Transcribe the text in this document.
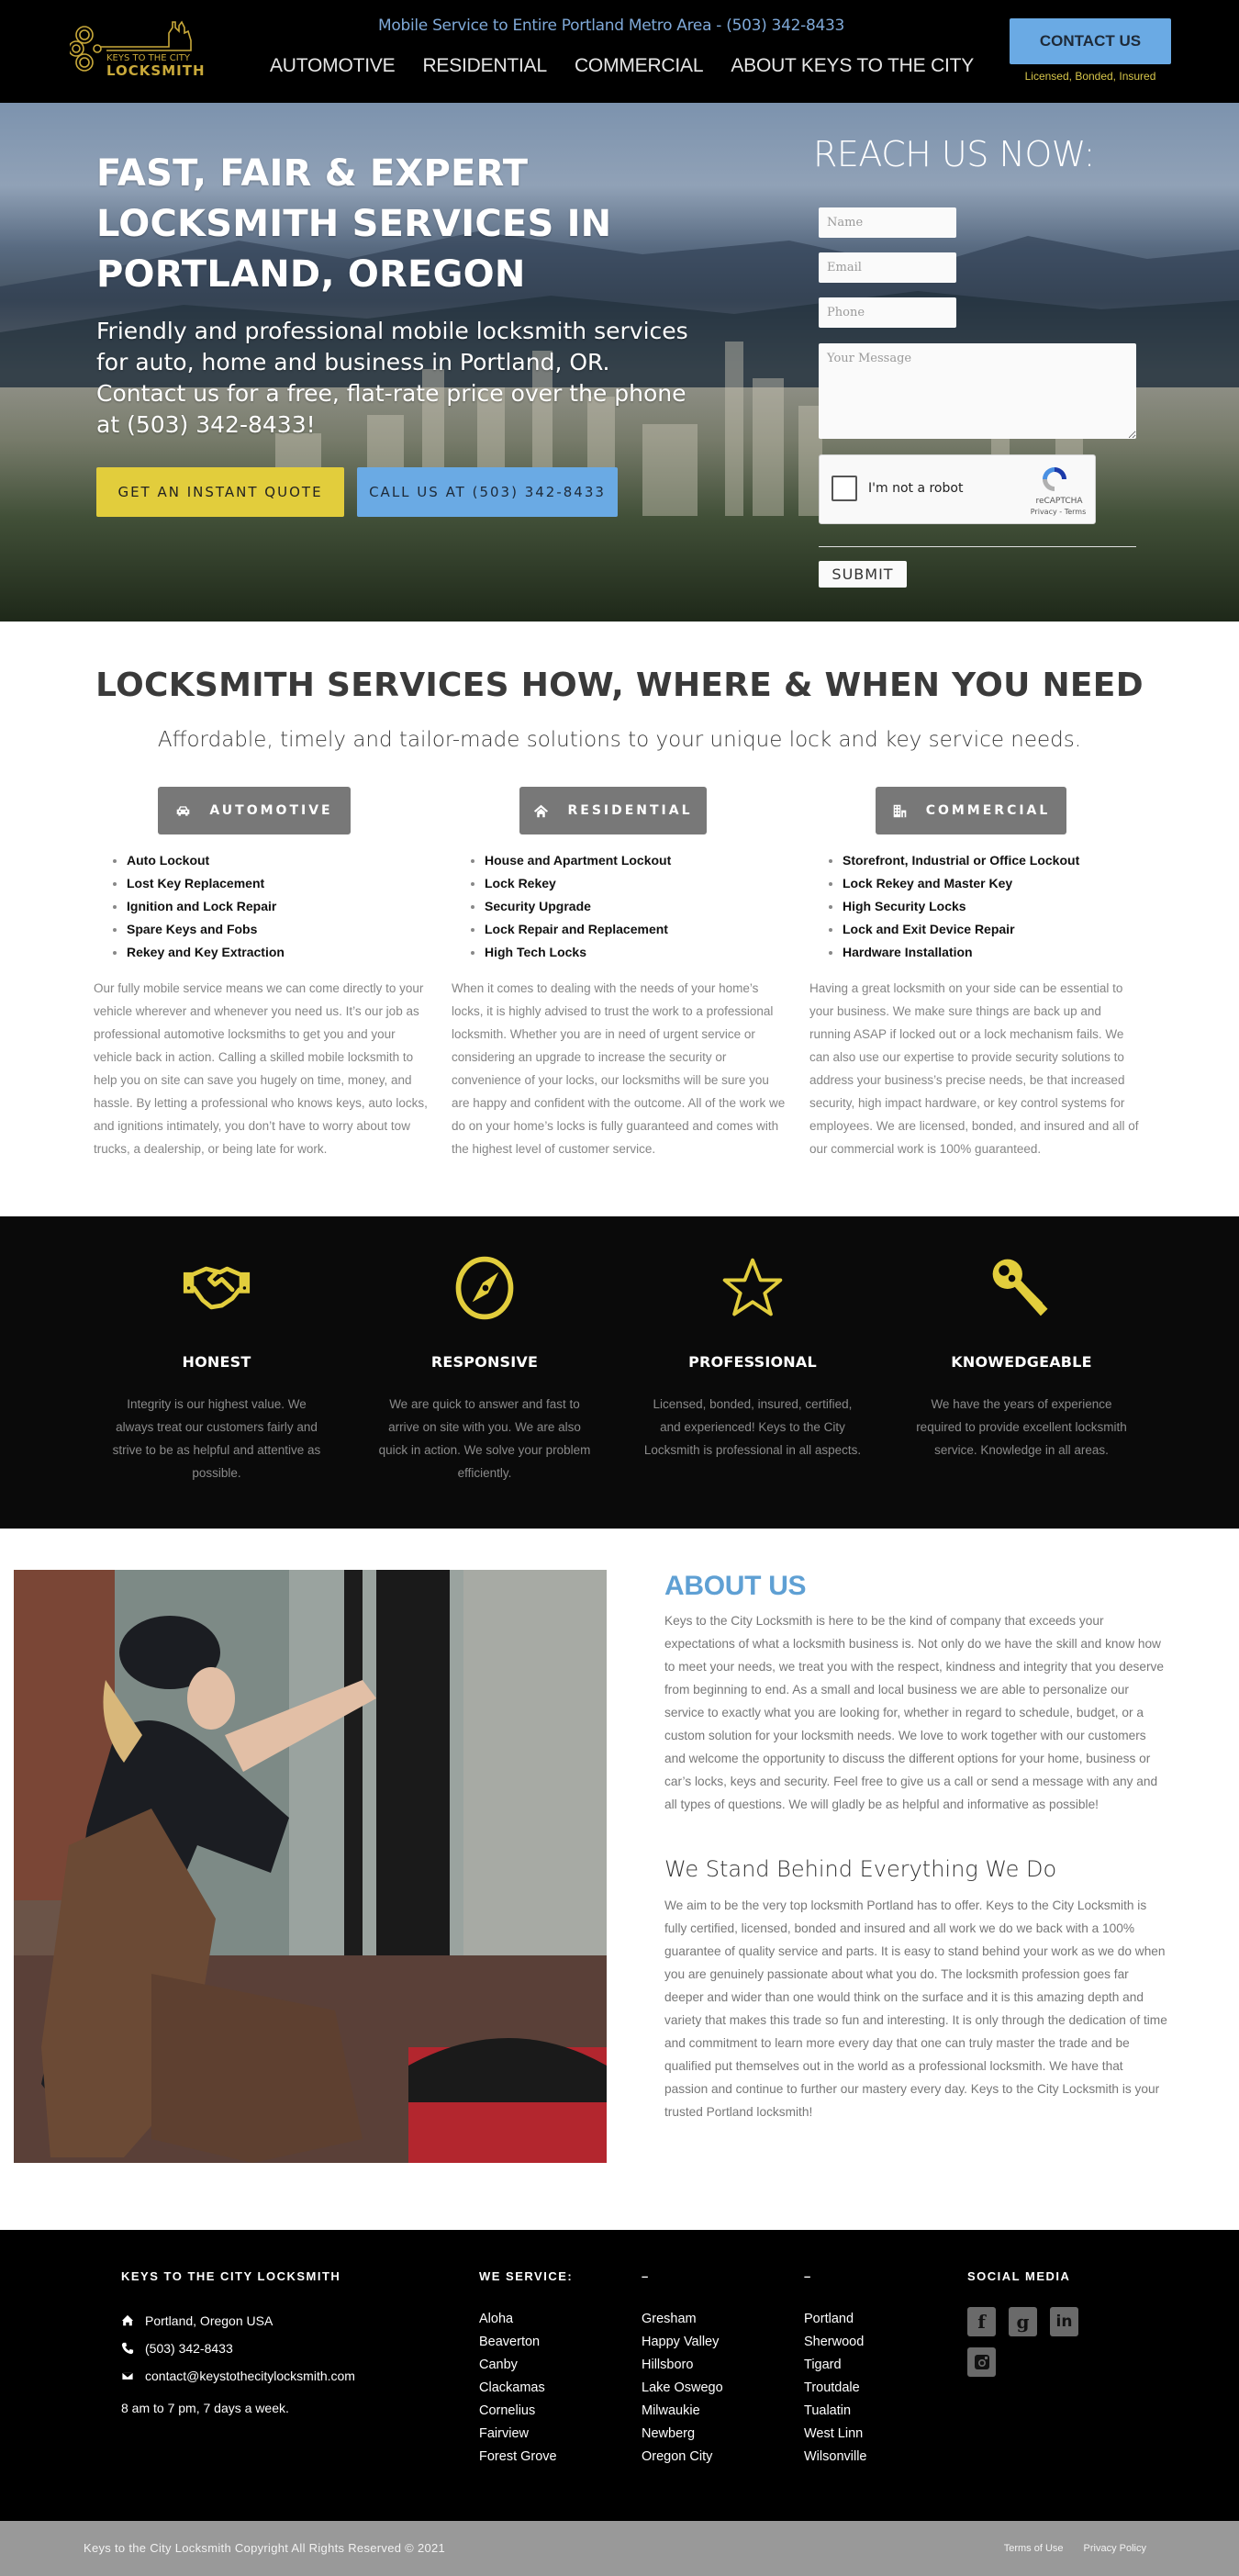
KEYS TO THE CITY
LOCKSMITH
Mobile Service to Entire Portland Metro Area - (503) 342-8433
AUTOMOTIVE RESIDENTIAL COMMERCIAL ABOUT KEYS TO THE CITY
CONTACT US
Licensed, Bonded, Insured
FAST, FAIR & EXPERT LOCKSMITH SERVICES IN PORTLAND, OREGON

Friendly and professional mobile locksmith services for auto, home and business in Portland, OR. Contact us for a free, flat-rate price over the phone at (503) 342-8433!

GET AN INSTANT QUOTE	CALL US AT (503) 342-8433
REACH US NOW:
Name
Email
Phone
Your Message
I'm not a robot
reCAPTCHA
Privacy - Terms
SUBMIT
LOCKSMITH SERVICES HOW, WHERE & WHEN YOU NEED

Affordable, timely and tailor-made solutions to your unique lock and key service needs.

AUTOMOTIVE
• Auto Lockout
• Lost Key Replacement
• Ignition and Lock Repair
• Spare Keys and Fobs
• Rekey and Key Extraction

Our fully mobile service means we can come directly to your vehicle wherever and whenever you need us. It’s our job as professional automotive locksmiths to get you and your vehicle back in action. Calling a skilled mobile locksmith to help you on site can save you hugely on time, money, and hassle. By letting a professional who knows keys, auto locks, and ignitions intimately, you don’t have to worry about tow trucks, a dealership, or being late for work.

RESIDENTIAL
• House and Apartment Lockout
• Lock Rekey
• Security Upgrade
• Lock Repair and Replacement
• High Tech Locks

When it comes to dealing with the needs of your home’s locks, it is highly advised to trust the work to a professional locksmith. Whether you are in need of urgent service or considering an upgrade to increase the security or convenience of your locks, our locksmiths will be sure you are happy and confident with the outcome. All of the work we do on your home’s locks is fully guaranteed and comes with the highest level of customer service.

COMMERCIAL
• Storefront, Industrial or Office Lockout
• Lock Rekey and Master Key
• High Security Locks
• Lock and Exit Device Repair
• Hardware Installation

Having a great locksmith on your side can be essential to your business. We make sure things are back up and running ASAP if locked out or a lock mechanism fails. We can also use our expertise to provide security solutions to address your business’s precise needs, be that increased security, high impact hardware, or key control systems for employees. We are licensed, bonded, and insured and all of our commercial work is 100% guaranteed.

HONEST

Integrity is our highest value. We always treat our customers fairly and strive to be as helpful and attentive as possible.

RESPONSIVE

We are quick to answer and fast to arrive on site with you. We are also quick in action. We solve your problem efficiently.

PROFESSIONAL

Licensed, bonded, insured, certified, and experienced! Keys to the City Locksmith is professional in all aspects.

KNOWEDGEABLE

We have the years of experience required to provide excellent locksmith service. Knowledge in all areas.

ABOUT US

Keys to the City Locksmith is here to be the kind of company that exceeds your expectations of what a locksmith business is. Not only do we have the skill and know how to meet your needs, we treat you with the respect, kindness and integrity that you deserve from beginning to end. As a small and local business we are able to personalize our service to exactly what you are looking for, whether in regard to schedule, budget, or a custom solution for your locksmith needs. We love to work together with our customers and welcome the opportunity to discuss the different options for your home, business or car’s locks, keys and security. Feel free to give us a call or send a message with any and all types of questions. We will gladly be as helpful and informative as possible!

We Stand Behind Everything We Do

We aim to be the very top locksmith Portland has to offer. Keys to the City Locksmith is fully certified, licensed, bonded and insured and all work we do we back with a 100% guarantee of quality service and parts. It is easy to stand behind your work as we do when you are genuinely passionate about what you do. The locksmith profession goes far deeper and wider than one would think on the surface and it is this amazing depth and variety that makes this trade so fun and interesting. It is only through the dedication of time and commitment to learn more every day that one can truly master the trade and be qualified put themselves out in the world as a professional locksmith. We have that passion and continue to further our mastery every day. Keys to the City Locksmith is your trusted Portland locksmith!

KEYS TO THE CITY LOCKSMITH
Portland, Oregon USA
(503) 342-8433
contact@keystothecitylocksmith.com
8 am to 7 pm, 7 days a week.
WE SERVICE:
Aloha
Beaverton
Canby
Clackamas
Cornelius
Fairview
Forest Grove
–
Gresham
Happy Valley
Hillsboro
Lake Oswego
Milwaukie
Newberg
Oregon City
–
Portland
Sherwood
Tigard
Troutdale
Tualatin
West Linn
Wilsonville
SOCIAL MEDIA
f	g	in
Keys to the City Locksmith Copyright All Rights Reserved © 2021	Terms of Use Privacy Policy
